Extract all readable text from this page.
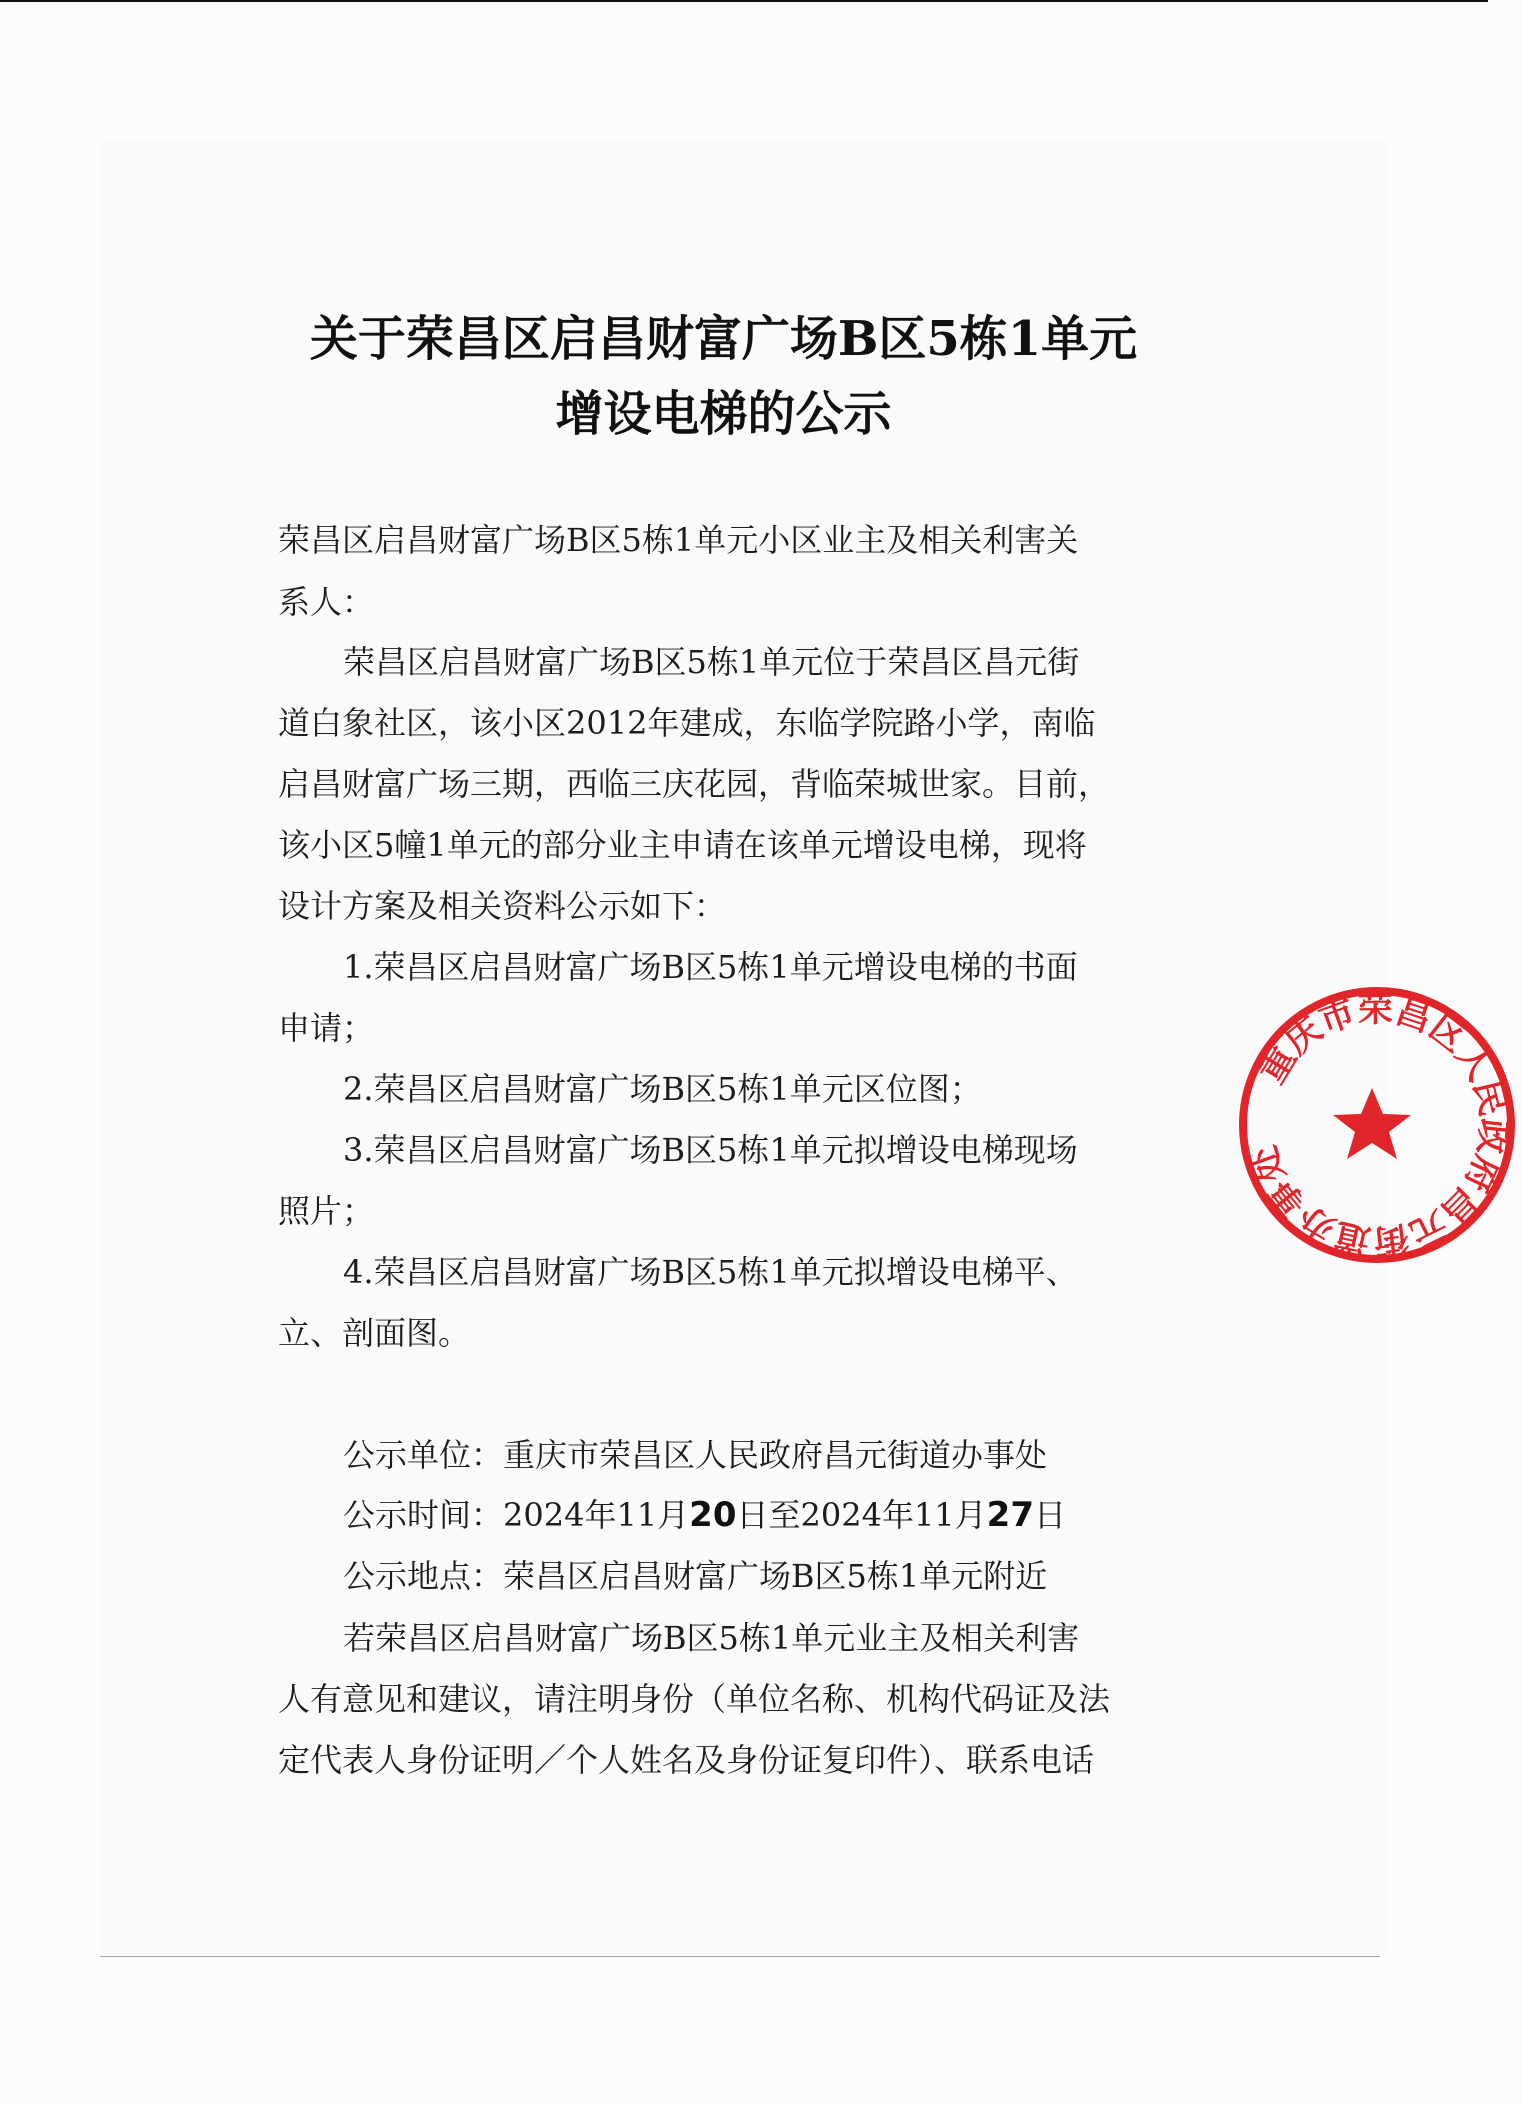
关于荣昌区启昌财富广场B区5栋1单元
增设电梯的公示
荣昌区启昌财富广场B区5栋1单元小区业主及相关利害关
系人：
荣昌区启昌财富广场B区5栋1单元位于荣昌区昌元街
道白象社区，该小区2012年建成，东临学院路小学，南临
启昌财富广场三期，西临三庆花园，背临荣城世家。目前，
该小区5幢1单元的部分业主申请在该单元增设电梯，现将
设计方案及相关资料公示如下：
1.荣昌区启昌财富广场B区5栋1单元增设电梯的书面
申请；
2.荣昌区启昌财富广场B区5栋1单元区位图；
3.荣昌区启昌财富广场B区5栋1单元拟增设电梯现场
照片；
4.荣昌区启昌财富广场B区5栋1单元拟增设电梯平、
立、剖面图。
公示单位：重庆市荣昌区人民政府昌元街道办事处
公示时间：2024年11月20日至2024年11月27日
公示地点：荣昌区启昌财富广场B区5栋1单元附近
若荣昌区启昌财富广场B区5栋1单元业主及相关利害
人有意见和建议，请注明身份（单位名称、机构代码证及法
定代表人身份证明／个人姓名及身份证复印件）、联系电话
重庆市荣昌区人民政府昌元街道办事处
